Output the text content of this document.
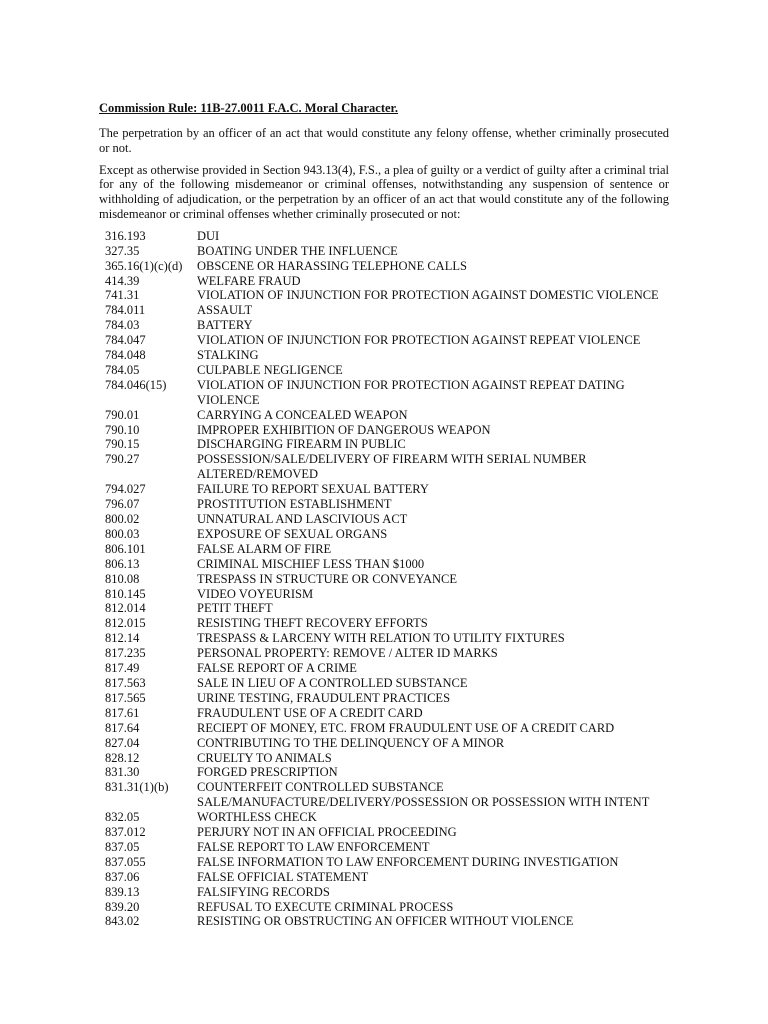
Commission Rule: 11B-27.0011 F.A.C. Moral Character.

The perpetration by an officer of an act that would constitute any felony offense, whether criminally prosecuted or not.

Except as otherwise provided in Section 943.13(4), F.S., a plea of guilty or a verdict of guilty after a criminal trial for any of the following misdemeanor or criminal offenses, notwithstanding any suspension of sentence or withholding of adjudication, or the perpetration by an officer of an act that would constitute any of the following misdemeanor or criminal offenses whether criminally prosecuted or not:

316.193	DUI
327.35	BOATING UNDER THE INFLUENCE
365.16(1)(c)(d)	OBSCENE OR HARASSING TELEPHONE CALLS
414.39	WELFARE FRAUD
741.31	VIOLATION OF INJUNCTION FOR PROTECTION AGAINST DOMESTIC VIOLENCE
784.011	ASSAULT
784.03	BATTERY
784.047	VIOLATION OF INJUNCTION FOR PROTECTION AGAINST REPEAT VIOLENCE
784.048	STALKING
784.05	CULPABLE NEGLIGENCE
784.046(15)	VIOLATION OF INJUNCTION FOR PROTECTION AGAINST REPEAT DATING VIOLENCE
790.01	CARRYING A CONCEALED WEAPON
790.10	IMPROPER EXHIBITION OF DANGEROUS WEAPON
790.15	DISCHARGING FIREARM IN PUBLIC
790.27	POSSESSION/SALE/DELIVERY OF FIREARM WITH SERIAL NUMBER ALTERED/REMOVED
794.027	FAILURE TO REPORT SEXUAL BATTERY
796.07	PROSTITUTION ESTABLISHMENT
800.02	UNNATURAL AND LASCIVIOUS ACT
800.03	EXPOSURE OF SEXUAL ORGANS
806.101	FALSE ALARM OF FIRE
806.13	CRIMINAL MISCHIEF LESS THAN $1000
810.08	TRESPASS IN STRUCTURE OR CONVEYANCE
810.145	VIDEO VOYEURISM
812.014	PETIT THEFT
812.015	RESISTING THEFT RECOVERY EFFORTS
812.14	TRESPASS & LARCENY WITH RELATION TO UTILITY FIXTURES
817.235	PERSONAL PROPERTY: REMOVE / ALTER ID MARKS
817.49	FALSE REPORT OF A CRIME
817.563	SALE IN LIEU OF A CONTROLLED SUBSTANCE
817.565	URINE TESTING, FRAUDULENT PRACTICES
817.61	FRAUDULENT USE OF A CREDIT CARD
817.64	RECIEPT OF MONEY, ETC. FROM FRAUDULENT USE OF A CREDIT CARD
827.04	CONTRIBUTING TO THE DELINQUENCY OF A MINOR
828.12	CRUELTY TO ANIMALS
831.30	FORGED PRESCRIPTION
831.31(1)(b)	COUNTERFEIT CONTROLLED SUBSTANCE SALE/MANUFACTURE/DELIVERY/POSSESSION OR POSSESSION WITH INTENT
832.05	WORTHLESS CHECK
837.012	PERJURY NOT IN AN OFFICIAL PROCEEDING
837.05	FALSE REPORT TO LAW ENFORCEMENT
837.055	FALSE INFORMATION TO LAW ENFORCEMENT DURING INVESTIGATION
837.06	FALSE OFFICIAL STATEMENT
839.13	FALSIFYING RECORDS
839.20	REFUSAL TO EXECUTE CRIMINAL PROCESS
843.02	RESISTING OR OBSTRUCTING AN OFFICER WITHOUT VIOLENCE
